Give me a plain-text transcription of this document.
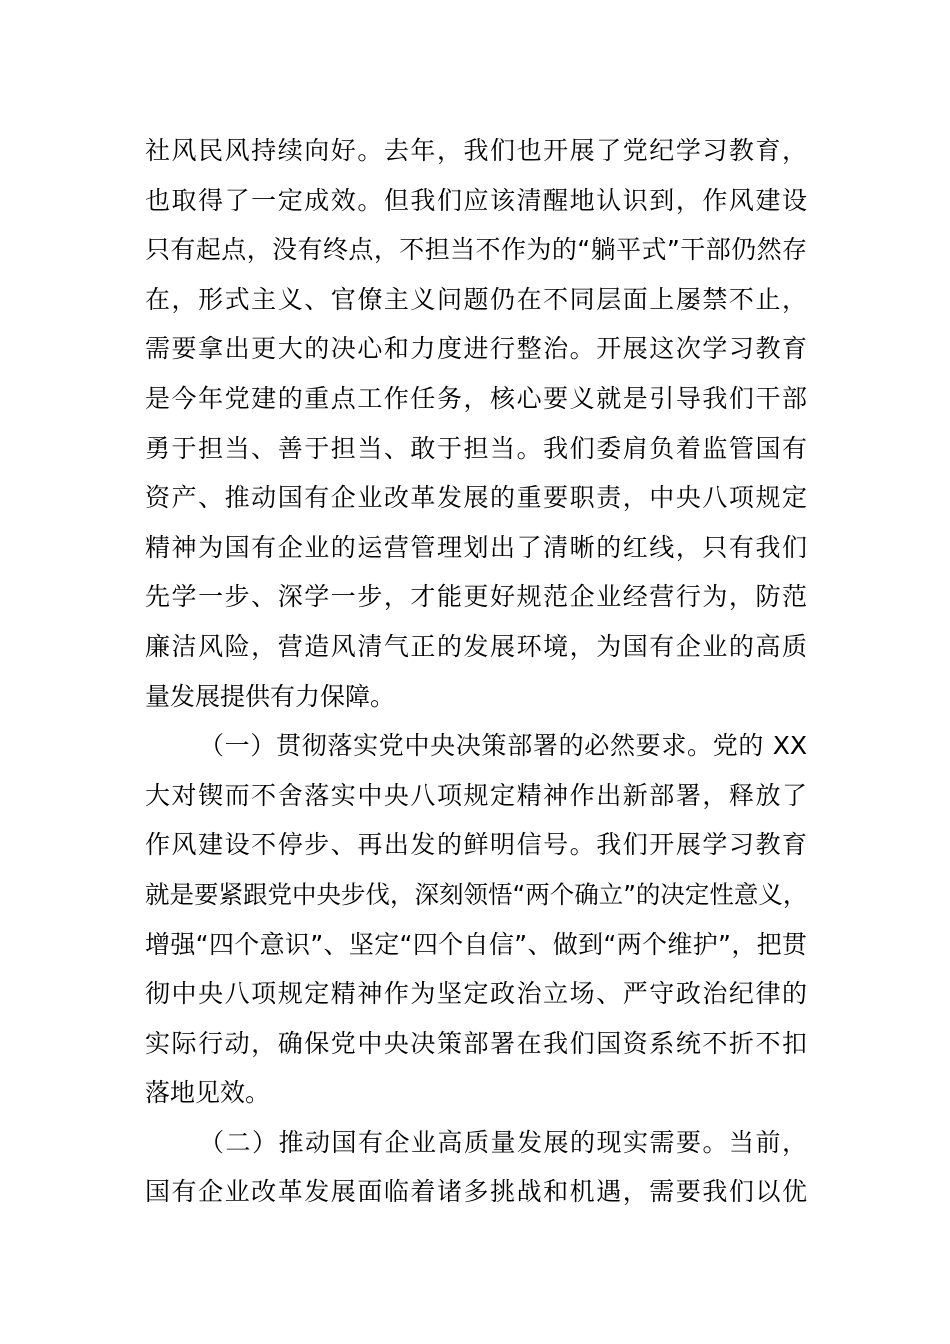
社风民风持续向好。去年，我们也开展了党纪学习教育，
也取得了一定成效。但我们应该清醒地认识到，作风建设
只有起点，没有终点，不担当不作为的“躺平式”干部仍然存
在，形式主义、官僚主义问题仍在不同层面上屡禁不止，
需要拿出更大的决心和力度进行整治。开展这次学习教育
是今年党建的重点工作任务，核心要义就是引导我们干部
勇于担当、善于担当、敢于担当。我们委肩负着监管国有
资产、推动国有企业改革发展的重要职责，中央八项规定
精神为国有企业的运营管理划出了清晰的红线，只有我们
先学一步、深学一步，才能更好规范企业经营行为，防范
廉洁风险，营造风清气正的发展环境，为国有企业的高质
量发展提供有力保障。
（一）贯彻落实党中央决策部署的必然要求。党的 XX
大对锲而不舍落实中央八项规定精神作出新部署，释放了
作风建设不停步、再出发的鲜明信号。我们开展学习教育
就是要紧跟党中央步伐，深刻领悟“两个确立”的决定性意义，
增强“四个意识”、坚定“四个自信”、做到“两个维护”，把贯
彻中央八项规定精神作为坚定政治立场、严守政治纪律的
实际行动，确保党中央决策部署在我们国资系统不折不扣
落地见效。
（二）推动国有企业高质量发展的现实需要。当前，
国有企业改革发展面临着诸多挑战和机遇，需要我们以优
